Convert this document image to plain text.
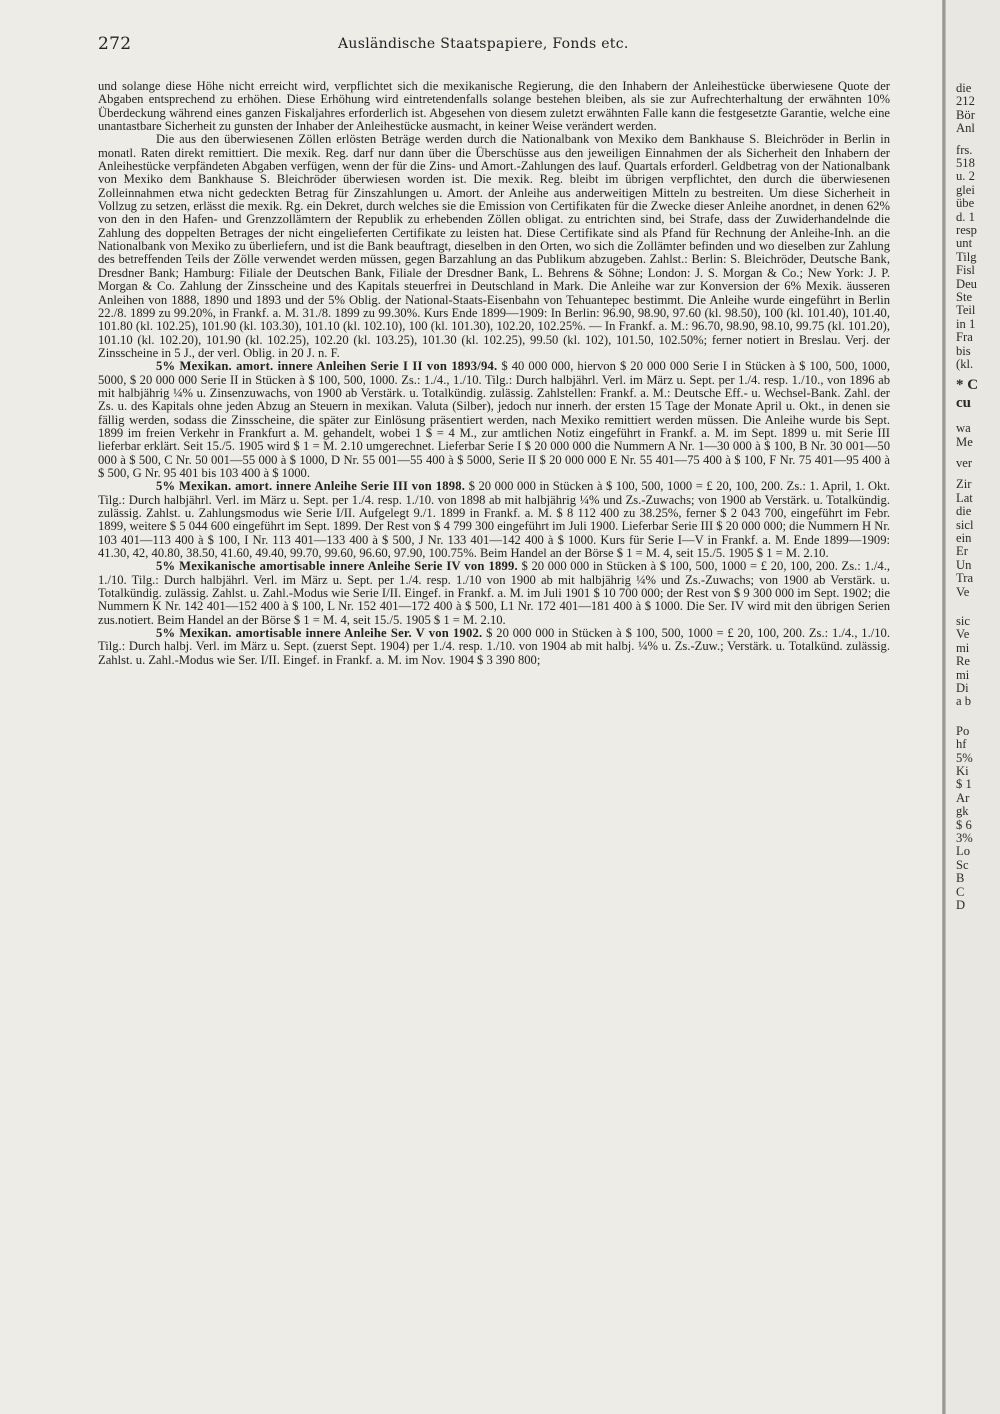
272	Ausländische Staatspapiere, Fonds etc.

und solange diese Höhe nicht erreicht wird, verpflichtet sich die mexikanische Regierung, die den Inhabern der Anleihestücke überwiesene Quote der Abgaben entsprechend zu erhöhen. Diese Erhöhung wird eintretendenfalls solange bestehen bleiben, als sie zur Aufrechterhaltung der erwähnten 10% Überdeckung während eines ganzen Fiskaljahres erforderlich ist. Abgesehen von diesem zuletzt erwähnten Falle kann die festgesetzte Garantie, welche eine unantastbare Sicherheit zu gunsten der Inhaber der Anleihestücke ausmacht, in keiner Weise verändert werden.

Die aus den überwiesenen Zöllen erlösten Beträge werden durch die Nationalbank von Mexiko dem Bankhause S. Bleichröder in Berlin in monatl. Raten direkt remittiert. Die mexik. Reg. darf nur dann über die Überschüsse aus den jeweiligen Einnahmen der als Sicherheit den Inhabern der Anleihestücke verpfändeten Abgaben verfügen, wenn der für die Zins- und Amort.-Zahlungen des lauf. Quartals erforderl. Geldbetrag von der Nationalbank von Mexiko dem Bankhause S. Bleichröder überwiesen worden ist. Die mexik. Reg. bleibt im übrigen verpflichtet, den durch die überwiesenen Zolleinnahmen etwa nicht gedeckten Betrag für Zinszahlungen u. Amort. der Anleihe aus anderweitigen Mitteln zu bestreiten. Um diese Sicherheit in Vollzug zu setzen, erlässt die mexik. Rg. ein Dekret, durch welches sie die Emission von Certifikaten für die Zwecke dieser Anleihe anordnet, in denen 62% von den in den Hafen- und Grenzzollämtern der Republik zu erhebenden Zöllen obligat. zu entrichten sind, bei Strafe, dass der Zuwiderhandelnde die Zahlung des doppelten Betrages der nicht eingelieferten Certifikate zu leisten hat. Diese Certifikate sind als Pfand für Rechnung der Anleihe-Inh. an die Nationalbank von Mexiko zu überliefern, und ist die Bank beauftragt, dieselben in den Orten, wo sich die Zollämter befinden und wo dieselben zur Zahlung des betreffenden Teils der Zölle verwendet werden müssen, gegen Barzahlung an das Publikum abzugeben. Zahlst.: Berlin: S. Bleichröder, Deutsche Bank, Dresdner Bank; Hamburg: Filiale der Deutschen Bank, Filiale der Dresdner Bank, L. Behrens & Söhne; London: J. S. Morgan & Co.; New York: J. P. Morgan & Co. Zahlung der Zinsscheine und des Kapitals steuerfrei in Deutschland in Mark. Die Anleihe war zur Konversion der 6% Mexik. äusseren Anleihen von 1888, 1890 und 1893 und der 5% Oblig. der National-Staats-Eisenbahn von Tehuantepec bestimmt. Die Anleihe wurde eingeführt in Berlin 22./8. 1899 zu 99.20%, in Frankf. a. M. 31./8. 1899 zu 99.30%. Kurs Ende 1899—1909: In Berlin: 96.90, 98.90, 97.60 (kl. 98.50), 100 (kl. 101.40), 101.40, 101.80 (kl. 102.25), 101.90 (kl. 103.30), 101.10 (kl. 102.10), 100 (kl. 101.30), 102.20, 102.25%. — In Frankf. a. M.: 96.70, 98.90, 98.10, 99.75 (kl. 101.20), 101.10 (kl. 102.20), 101.90 (kl. 102.25), 102.20 (kl. 103.25), 101.30 (kl. 102.25), 99.50 (kl. 102), 101.50, 102.50%; ferner notiert in Breslau. Verj. der Zinsscheine in 5 J., der verl. Oblig. in 20 J. n. F.

5% Mexikan. amort. innere Anleihen Serie I II von 1893/94. $ 40 000 000, hiervon $ 20 000 000 Serie I in Stücken à $ 100, 500, 1000, 5000, $ 20 000 000 Serie II in Stücken à $ 100, 500, 1000. Zs.: 1./4., 1./10. Tilg.: Durch halbjährl. Verl. im März u. Sept. per 1./4. resp. 1./10., von 1896 ab mit halbjährig ¼% u. Zinsenzuwachs, von 1900 ab Verstärk. u. Totalkündig. zulässig. Zahlstellen: Frankf. a. M.: Deutsche Eff.- u. Wechsel-Bank. Zahl. der Zs. u. des Kapitals ohne jeden Abzug an Steuern in mexikan. Valuta (Silber), jedoch nur innerh. der ersten 15 Tage der Monate April u. Okt., in denen sie fällig werden, sodass die Zinsscheine, die später zur Einlösung präsentiert werden, nach Mexiko remittiert werden müssen. Die Anleihe wurde bis Sept. 1899 im freien Verkehr in Frankfurt a. M. gehandelt, wobei 1 $ = 4 M., zur amtlichen Notiz eingeführt in Frankf. a. M. im Sept. 1899 u. mit Serie III lieferbar erklärt. Seit 15./5. 1905 wird $ 1 = M. 2.10 umgerechnet. Lieferbar Serie I $ 20 000 000 die Nummern A Nr. 1—30 000 à $ 100, B Nr. 30 001—50 000 à $ 500, C Nr. 50 001—55 000 à $ 1000, D Nr. 55 001—55 400 à $ 5000, Serie II $ 20 000 000 E Nr. 55 401—75 400 à $ 100, F Nr. 75 401—95 400 à $ 500, G Nr. 95 401 bis 103 400 à $ 1000.

5% Mexikan. amort. innere Anleihe Serie III von 1898. $ 20 000 000 in Stücken à $ 100, 500, 1000 = £ 20, 100, 200. Zs.: 1. April, 1. Okt. Tilg.: Durch halbjährl. Verl. im März u. Sept. per 1./4. resp. 1./10. von 1898 ab mit halbjährig ¼% und Zs.-Zuwachs; von 1900 ab Verstärk. u. Totalkündig. zulässig. Zahlst. u. Zahlungsmodus wie Serie I/II. Aufgelegt 9./1. 1899 in Frankf. a. M. $ 8 112 400 zu 38.25%, ferner $ 2 043 700, eingeführt im Febr. 1899, weitere $ 5 044 600 eingeführt im Sept. 1899. Der Rest von $ 4 799 300 eingeführt im Juli 1900. Lieferbar Serie III $ 20 000 000; die Nummern H Nr. 103 401—113 400 à $ 100, I Nr. 113 401—133 400 à $ 500, J Nr. 133 401—142 400 à $ 1000. Kurs für Serie I—V in Frankf. a. M. Ende 1899—1909: 41.30, 42, 40.80, 38.50, 41.60, 49.40, 99.70, 99.60, 96.60, 97.90, 100.75%. Beim Handel an der Börse $ 1 = M. 4, seit 15./5. 1905 $ 1 = M. 2.10.

5% Mexikanische amortisable innere Anleihe Serie IV von 1899. $ 20 000 000 in Stücken à $ 100, 500, 1000 = £ 20, 100, 200. Zs.: 1./4., 1./10. Tilg.: Durch halbjährl. Verl. im März u. Sept. per 1./4. resp. 1./10 von 1900 ab mit halbjährig ¼% und Zs.-Zuwachs; von 1900 ab Verstärk. u. Totalkündig. zulässig. Zahlst. u. Zahl.-Modus wie Serie I/II. Eingef. in Frankf. a. M. im Juli 1901 $ 10 700 000; der Rest von $ 9 300 000 im Sept. 1902; die Nummern K Nr. 142 401—152 400 à $ 100, L Nr. 152 401—172 400 à $ 500, L1 Nr. 172 401—181 400 à $ 1000. Die Ser. IV wird mit den übrigen Serien zus.notiert. Beim Handel an der Börse $ 1 = M. 4, seit 15./5. 1905 $ 1 = M. 2.10.

5% Mexikan. amortisable innere Anleihe Ser. V von 1902. $ 20 000 000 in Stücken à $ 100, 500, 1000 = £ 20, 100, 200. Zs.: 1./4., 1./10. Tilg.: Durch halbj. Verl. im März u. Sept. (zuerst Sept. 1904) per 1./4. resp. 1./10. von 1904 ab mit halbj. ¼% u. Zs.-Zuw.; Verstärk. u. Totalkünd. zulässig. Zahlst. u. Zahl.-Modus wie Ser. I/II. Eingef. in Frankf. a. M. im Nov. 1904 $ 3 390 800;

die
212
Bör
Anl
frs.
518
u. 2
glei
übe
d. 1
resp
unt
Tilg
Fisl
Deu
Ste
Teil
in 1
Fra
bis
(kl.
* C
cu
wa
Me
ver
Zir
Lat
die
sicl
ein
Er
Un
Tra
Ve
sic
Ve
mi
Re
mi
Di
a b
Po
hf
5%
Ki
$ 1
Ar
gk
$ 6
3%
Lo
Sc
B
C
D
